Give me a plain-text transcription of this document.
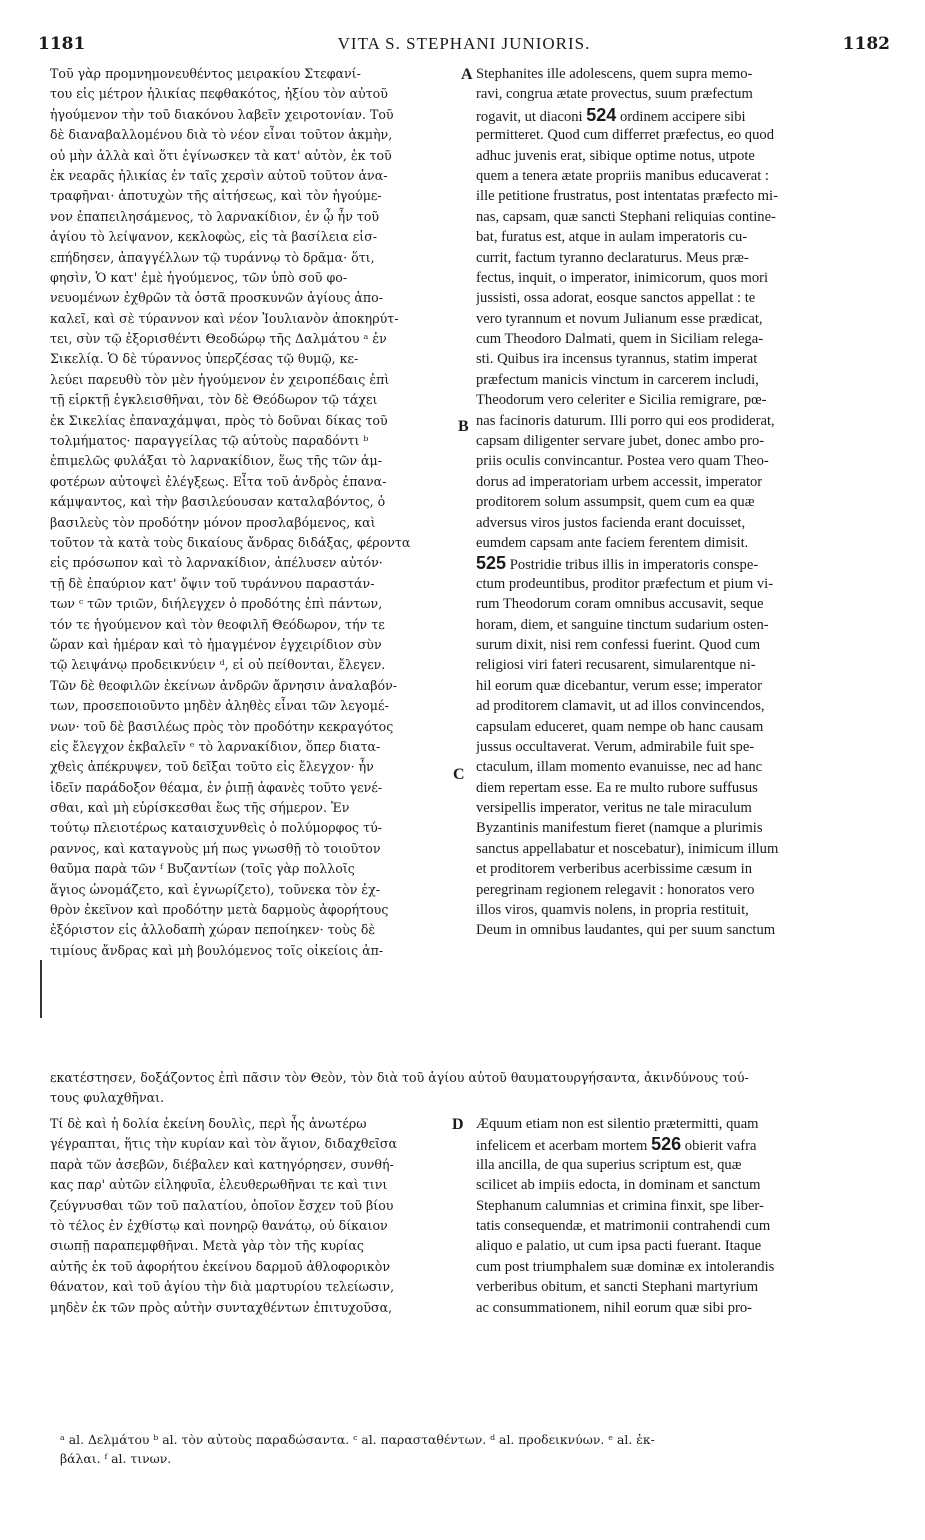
1181	VITA S. STEPHANI JUNIORIS.	1182
A
B
C
D
Τοῦ γὰρ προμνημονευθέντος μειρακίου Στεφανί-
του εἰς μέτρον ἡλικίας πεφθακότος, ἠξίου τὸν αὐτοῦ
ἡγούμενον τὴν τοῦ διακόνου λαβεῖν χειροτονίαν. Τοῦ
δὲ διαναβαλλομένου διὰ τὸ νέον εἶναι τοῦτον ἀκμὴν,
οὐ μὴν ἀλλὰ καὶ ὅτι ἐγίνωσκεν τὰ κατ' αὐτὸν, ἐκ τοῦ
ἐκ νεαρᾶς ἡλικίας ἐν ταῖς χερσὶν αὐτοῦ τοῦτον ἀνα-
τραφῆναι· ἀποτυχὼν τῆς αἰτήσεως, καὶ τὸν ἡγούμε-
νον ἐπαπειλησάμενος, τὸ λαρνακίδιον, ἐν ᾧ ἦν τοῦ
ἁγίου τὸ λείψανον, κεκλοφὼς, εἰς τὰ βασίλεια εἰσ-
επήδησεν, ἀπαγγέλλων τῷ τυράννῳ τὸ δρᾶμα· ὅτι,
φησὶν, Ὁ κατ' ἐμὲ ἡγούμενος, τῶν ὑπὸ σοῦ φο-
νευομένων ἐχθρῶν τὰ ὀστᾶ προσκυνῶν ἁγίους ἀπο-
καλεῖ, καὶ σὲ τύραννον καὶ νέον Ἰουλιανὸν ἀποκηρύτ-
τει, σὺν τῷ ἐξορισθέντι Θεοδώρῳ τῆς Δαλμάτου ᵃ ἐν
Σικελίᾳ. Ὁ δὲ τύραννος ὑπερζέσας τῷ θυμῷ, κε-
λεύει παρευθὺ τὸν μὲν ἡγούμενον ἐν χειροπέδαις ἐπὶ
τῇ εἱρκτῇ ἐγκλεισθῆναι, τὸν δὲ Θεόδωρον τῷ τάχει
ἐκ Σικελίας ἐπαναχάμψαι, πρὸς τὸ δοῦναι δίκας τοῦ
τολμήματος· παραγγείλας τῷ αὐτοὺς παραδόντι ᵇ
ἐπιμελῶς φυλάξαι τὸ λαρνακίδιον, ἕως τῆς τῶν ἀμ-
φοτέρων αὐτοψεὶ ἐλέγξεως. Εἶτα τοῦ ἀνδρὸς ἐπανα-
κάμψαντος, καὶ τὴν βασιλεύουσαν καταλαβόντος, ὁ
βασιλεὺς τὸν προδότην μόνον προσλαβόμενος, καὶ
τοῦτον τὰ κατὰ τοὺς δικαίους ἄνδρας διδάξας, φέροντα
εἰς πρόσωπον καὶ τὸ λαρνακίδιον, ἀπέλυσεν αὐτόν·
τῇ δὲ ἐπαύριον κατ' ὄψιν τοῦ τυράννου παραστάν-
των ᶜ τῶν τριῶν, διήλεγχεν ὁ προδότης ἐπὶ πάντων,
τόν τε ἡγούμενον καὶ τὸν θεοφιλῆ Θεόδωρον, τήν τε
ὥραν καὶ ἡμέραν καὶ τὸ ἡμαγμένον ἐγχειρίδιον σὺν
τῷ λειψάνῳ προδεικνύειν ᵈ, εἰ οὐ πείθονται, ἔλεγεν.
Τῶν δὲ θεοφιλῶν ἐκείνων ἀνδρῶν ἄρνησιν ἀναλαβόν-
των, προσεποιοῦντο μηδὲν ἀληθὲς εἶναι τῶν λεγομέ-
νων· τοῦ δὲ βασιλέως πρὸς τὸν προδότην κεκραγότος
εἰς ἔλεγχον ἐκβαλεῖν ᵉ τὸ λαρνακίδιον, ὅπερ διατα-
χθεὶς ἀπέκρυψεν, τοῦ δεῖξαι τοῦτο εἰς ἔλεγχον· ἦν
ἰδεῖν παράδοξον θέαμα, ἐν ῥιπῇ ἀφανὲς τοῦτο γενέ-
σθαι, καὶ μὴ εὑρίσκεσθαι ἕως τῆς σήμερον. Ἐν
τούτῳ πλειοτέρως καταισχυνθεὶς ὁ πολύμορφος τύ-
ραννος, καὶ καταγνοὺς μή πως γνωσθῇ τὸ τοιοῦτον
θαῦμα παρὰ τῶν ᶠ Βυζαντίων (τοῖς γὰρ πολλοῖς
ἅγιος ὠνομάζετο, καὶ ἐγνωρίζετο), τοῦνεκα τὸν ἐχ-
θρὸν ἐκεῖνον καὶ προδότην μετὰ δαρμοὺς ἀφορήτους
ἐξόριστον εἰς ἀλλοδαπὴ χώραν πεποίηκεν· τοὺς δὲ
τιμίους ἄνδρας καὶ μὴ βουλόμενος τοῖς οἰκείοις ἀπ-
Stephanites ille adolescens, quem supra memo-
ravi, congrua ætate provectus, suum præfectum
rogavit, ut diaconi 524 ordinem accipere sibi
permitteret. Quod cum differret præfectus, eo quod
adhuc juvenis erat, sibique optime notus, utpote
quem a tenera ætate propriis manibus educaverat :
ille petitione frustratus, post intentatas præfecto mi-
nas, capsam, quæ sancti Stephani reliquias contine-
bat, furatus est, atque in aulam imperatoris cu-
currit, factum tyranno declaraturus. Meus præ-
fectus, inquit, o imperator, inimicorum, quos mori
jussisti, ossa adorat, eosque sanctos appellat : te
vero tyrannum et novum Julianum esse prædicat,
cum Theodoro Dalmati, quem in Siciliam relega-
sti. Quibus ira incensus tyrannus, statim imperat
præfectum manicis vinctum in carcerem includi,
Theodorum vero celeriter e Sicilia remigrare, pœ-
nas facinoris daturum. Illi porro qui eos prodiderat,
capsam diligenter servare jubet, donec ambo pro-
priis oculis convincantur. Postea vero quam Theo-
dorus ad imperatoriam urbem accessit, imperator
proditorem solum assumpsit, quem cum ea quæ
adversus viros justos facienda erant docuisset,
eumdem capsam ante faciem ferentem dimisit.
525 Postridie tribus illis in imperatoris conspe-
ctum prodeuntibus, proditor præfectum et pium vi-
rum Theodorum coram omnibus accusavit, seque
horam, diem, et sanguine tinctum sudarium osten-
surum dixit, nisi rem confessi fuerint. Quod cum
religiosi viri fateri recusarent, simularentque ni-
hil eorum quæ dicebantur, verum esse; imperator
ad proditorem clamavit, ut ad illos convincendos,
capsulam educeret, quam nempe ob hanc causam
jussus occultaverat. Verum, admirabile fuit spe-
ctaculum, illam momento evanuisse, nec ad hanc
diem repertam esse. Ea re multo rubore suffusus
versipellis imperator, veritus ne tale miraculum
Byzantinis manifestum fieret (namque a plurimis
sanctus appellabatur et noscebatur), inimicum illum
et proditorem verberibus acerbissime cæsum in
peregrinam regionem relegavit : honoratos vero
illos viros, quamvis nolens, in propria restituit,
Deum in omnibus laudantes, qui per suum sanctum
εκατέστησεν, δοξάζοντος ἐπὶ πᾶσιν τὸν Θεὸν, τὸν διὰ τοῦ ἁγίου αὐτοῦ θαυματουργήσαντα, ἀκινδύνους τού-
τους φυλαχθῆναι.
Τί δὲ καὶ ἡ δολία ἐκείνη δουλὶς, περὶ ἧς ἀνωτέρω
γέγραπται, ἥτις τὴν κυρίαν καὶ τὸν ἅγιον, διδαχθεῖσα
παρὰ τῶν ἀσεβῶν, διέβαλεν καὶ κατηγόρησεν, συνθή-
κας παρ' αὐτῶν εἰληφυῖα, ἐλευθερωθῆναι τε καὶ τινι
ζεύγνυσθαι τῶν τοῦ παλατίου, ὁποῖον ἔσχεν τοῦ βίου
τὸ τέλος ἐν ἐχθίστῳ καὶ πονηρῷ θανάτῳ, οὐ δίκαιον
σιωπῇ παραπεμφθῆναι. Μετὰ γὰρ τὸν τῆς κυρίας
αὐτῆς ἐκ τοῦ ἀφορήτου ἐκείνου δαρμοῦ ἀθλοφορικὸν
θάνατον, καὶ τοῦ ἁγίου τὴν διὰ μαρτυρίου τελείωσιν,
μηδὲν ἐκ τῶν πρὸς αὐτὴν συνταχθέντων ἐπιτυχοῦσα,
Æquum etiam non est silentio prætermitti, quam
infelicem et acerbam mortem 526 obierit vafra
illa ancilla, de qua superius scriptum est, quæ
scilicet ab impiis edocta, in dominam et sanctum
Stephanum calumnias et crimina finxit, spe liber-
tatis consequendæ, et matrimonii contrahendi cum
aliquo e palatio, ut cum ipsa pacti fuerant. Itaque
cum post triumphalem suæ dominæ ex intolerandis
verberibus obitum, et sancti Stephani martyrium
ac consummationem, nihil eorum quæ sibi pro-
ᵃ al. Δελμάτου ᵇ al. τὸν αὐτοὺς παραδώσαντα. ᶜ al. παρασταθέντων. ᵈ al. προδεικνύων. ᵉ al. ἐκ-
βάλαι. ᶠ al. τινων.
